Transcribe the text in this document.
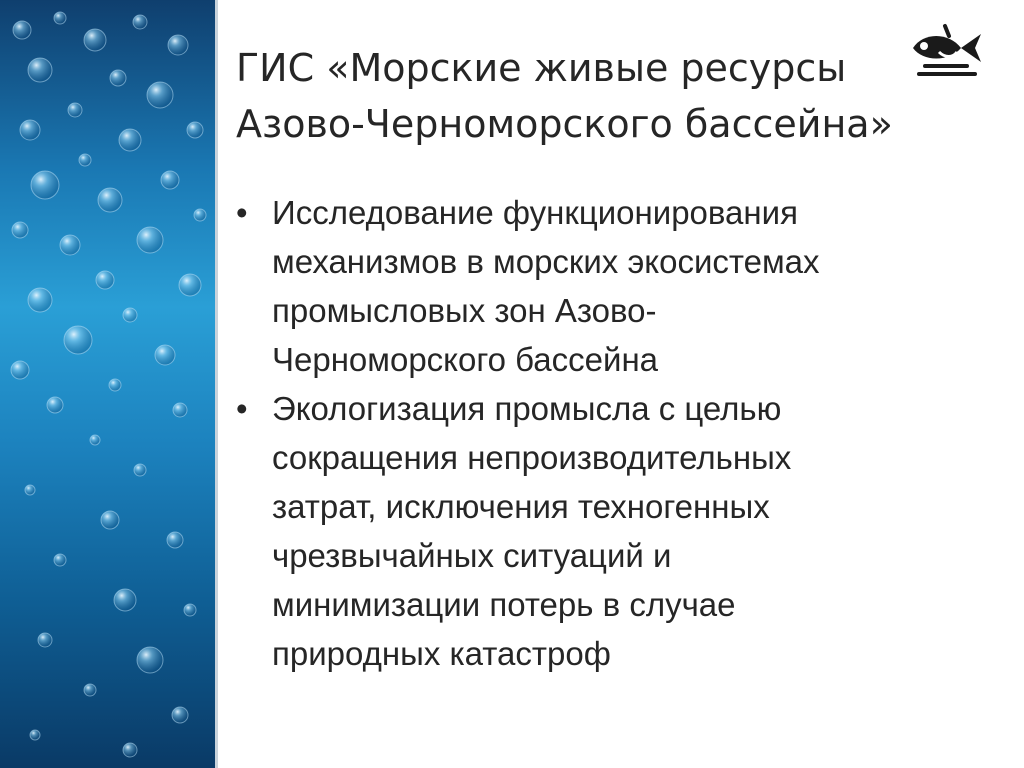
ГИС «Морские живые ресурсы
Азово-Черноморского бассейна»
• Исследование функционирования
механизмов в морских экосистемах
промысловых зон Азово-
Черноморского бассейна
• Экологизация промысла с целью
сокращения непроизводительных
затрат, исключения техногенных
чрезвычайных ситуаций и
минимизации потерь в случае
природных катастроф
